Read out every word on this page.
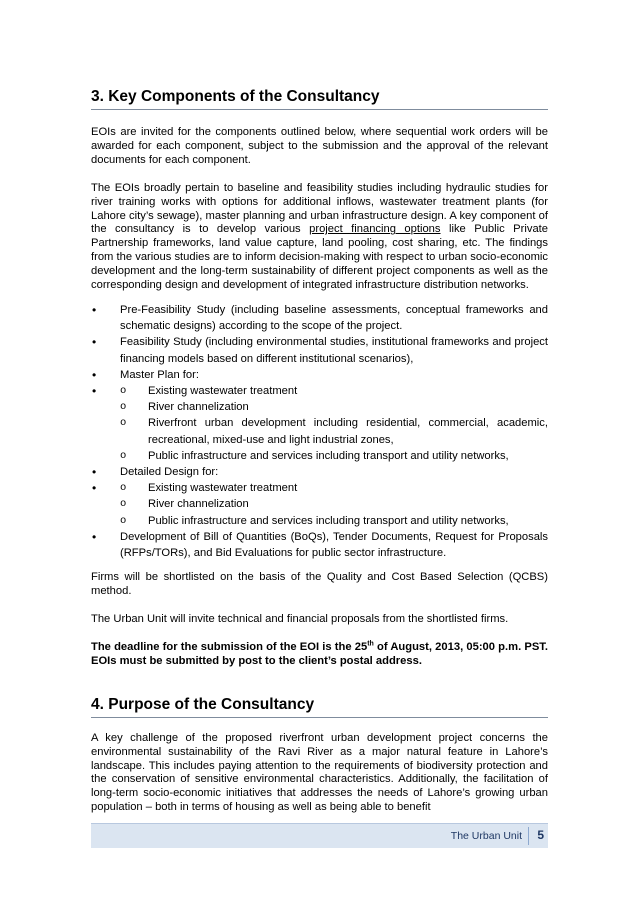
3. Key Components of the Consultancy

EOIs are invited for the components outlined below, where sequential work orders will be awarded for each component, subject to the submission and the approval of the relevant documents for each component.

The EOIs broadly pertain to baseline and feasibility studies including hydraulic studies for river training works with options for additional inflows, wastewater treatment plants (for Lahore city’s sewage), master planning and urban infrastructure design. A key component of the consultancy is to develop various project financing options like Public Private Partnership frameworks, land value capture, land pooling, cost sharing, etc. The findings from the various studies are to inform decision-making with respect to urban socio-economic development and the long-term sustainability of different project components as well as the corresponding design and development of integrated infrastructure distribution networks.

• Pre-Feasibility Study (including baseline assessments, conceptual frameworks and schematic designs) according to the scope of the project.
• Feasibility Study (including environmental studies, institutional frameworks and project financing models based on different institutional scenarios),
• Master Plan for:
o • Existing wastewater treatment
o River channelization
o Riverfront urban development including residential, commercial, academic, recreational, mixed-use and light industrial zones,
o Public infrastructure and services including transport and utility networks,
• Detailed Design for:
o • Existing wastewater treatment
o River channelization
o Public infrastructure and services including transport and utility networks,
• Development of Bill of Quantities (BoQs), Tender Documents, Request for Proposals (RFPs/TORs), and Bid Evaluations for public sector infrastructure.

Firms will be shortlisted on the basis of the Quality and Cost Based Selection (QCBS) method.

The Urban Unit will invite technical and financial proposals from the shortlisted firms.

The deadline for the submission of the EOI is the 25th of August, 2013, 05:00 p.m. PST. EOIs must be submitted by post to the client’s postal address.

4. Purpose of the Consultancy

A key challenge of the proposed riverfront urban development project concerns the environmental sustainability of the Ravi River as a major natural feature in Lahore’s landscape. This includes paying attention to the requirements of biodiversity protection and the conservation of sensitive environmental characteristics. Additionally, the facilitation of long-term socio-economic initiatives that addresses the needs of Lahore’s growing urban population – both in terms of housing as well as being able to benefit

The Urban Unit 5
